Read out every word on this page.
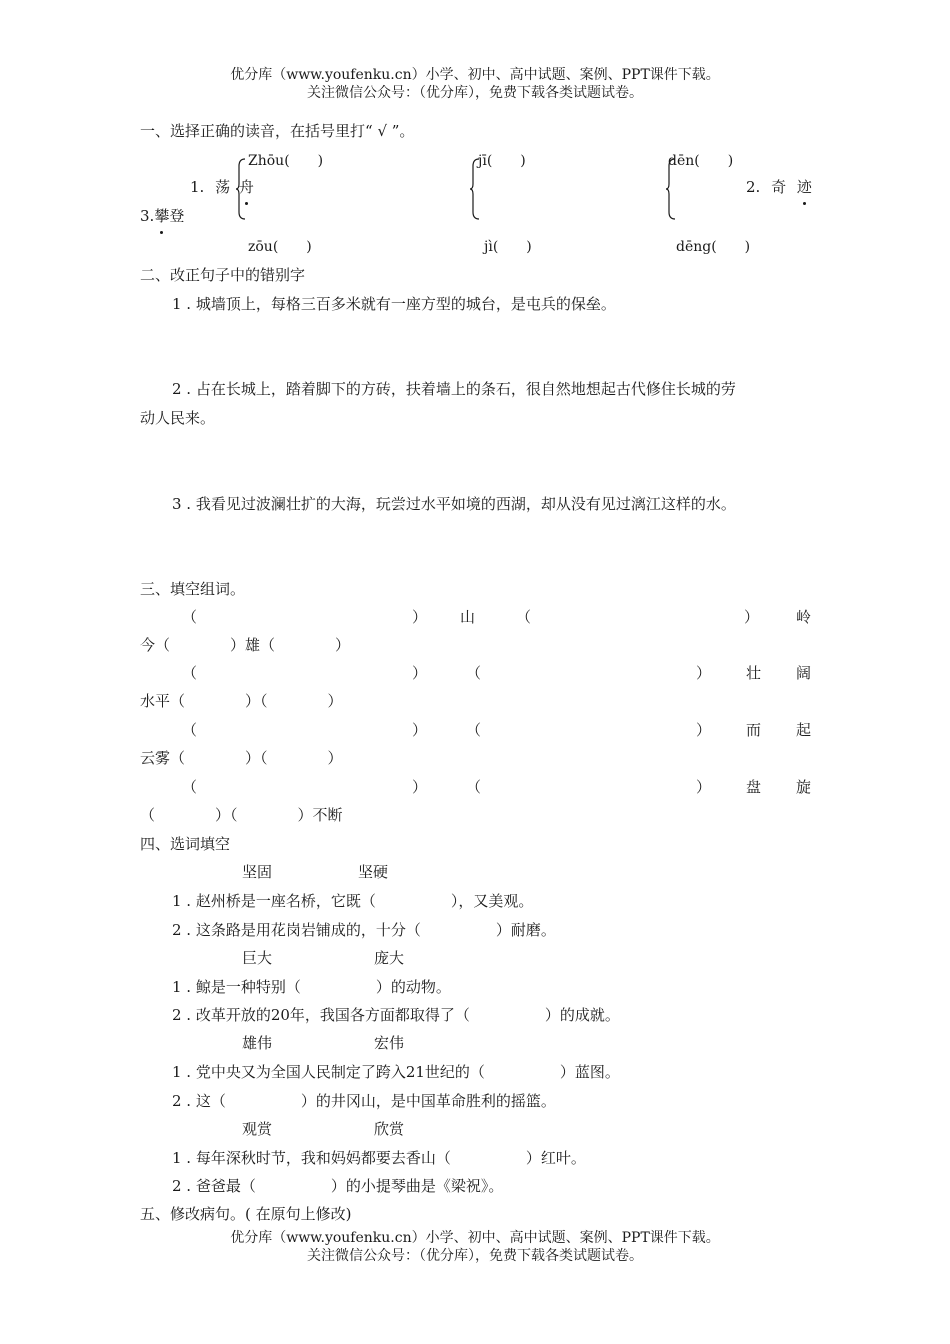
优分库（www.youfenku.cn）小学、初中、高中试题、案例、PPT课件下载。
关注微信公众号：（优分库），免费下载各类试题试卷。
一、选择正确的读音，在括号里打“ √ ”。
Zhōu(　　)	jī(　　)	dēn(　　)
1. 荡 舟	2. 奇 迹
3.攀登
zōu(　　)	jì(　　)	dēng(　　)
二、改正句子中的错别字
1 . 城墙顶上，每格三百多米就有一座方型的城台，是屯兵的保垒。
2 . 占在长城上，踏着脚下的方砖，扶着墙上的条石，很自然地想起古代修住长城的劳
动人民来。
3 . 我看见过波澜壮扩的大海，玩尝过水平如境的西湖，却从没有见过漓江这样的水。
三、填空组词。
（	） 山	（	） 岭
今（　　　　）雄（　　　　）
（	）	（	） 壮 阔
水平（　　　　）（　　　　）
（	）	（	） 而 起
云雾（　　　　）（　　　　）
（	）	（	） 盘 旋
（　　　　）（　　　　）不断
四、选词填空
坚固	坚硬
1 . 赵州桥是一座名桥，它既（　　　　　），又美观。
2 . 这条路是用花岗岩铺成的，十分（　　　　　）耐磨。
巨大	庞大
1 . 鲸是一种特别（　　　　　）的动物。
2 . 改革开放的20年，我国各方面都取得了（　　　　　）的成就。
雄伟	宏伟
1 . 党中央又为全国人民制定了跨入21世纪的（　　　　　）蓝图。
2 . 这（　　　　　）的井冈山，是中国革命胜利的摇篮。
观赏	欣赏
1 . 每年深秋时节，我和妈妈都要去香山（　　　　　）红叶。
2 . 爸爸最（　　　　　）的小提琴曲是《梁祝》。
五、修改病句。( 在原句上修改)
优分库（www.youfenku.cn）小学、初中、高中试题、案例、PPT课件下载。
关注微信公众号：（优分库），免费下载各类试题试卷。
